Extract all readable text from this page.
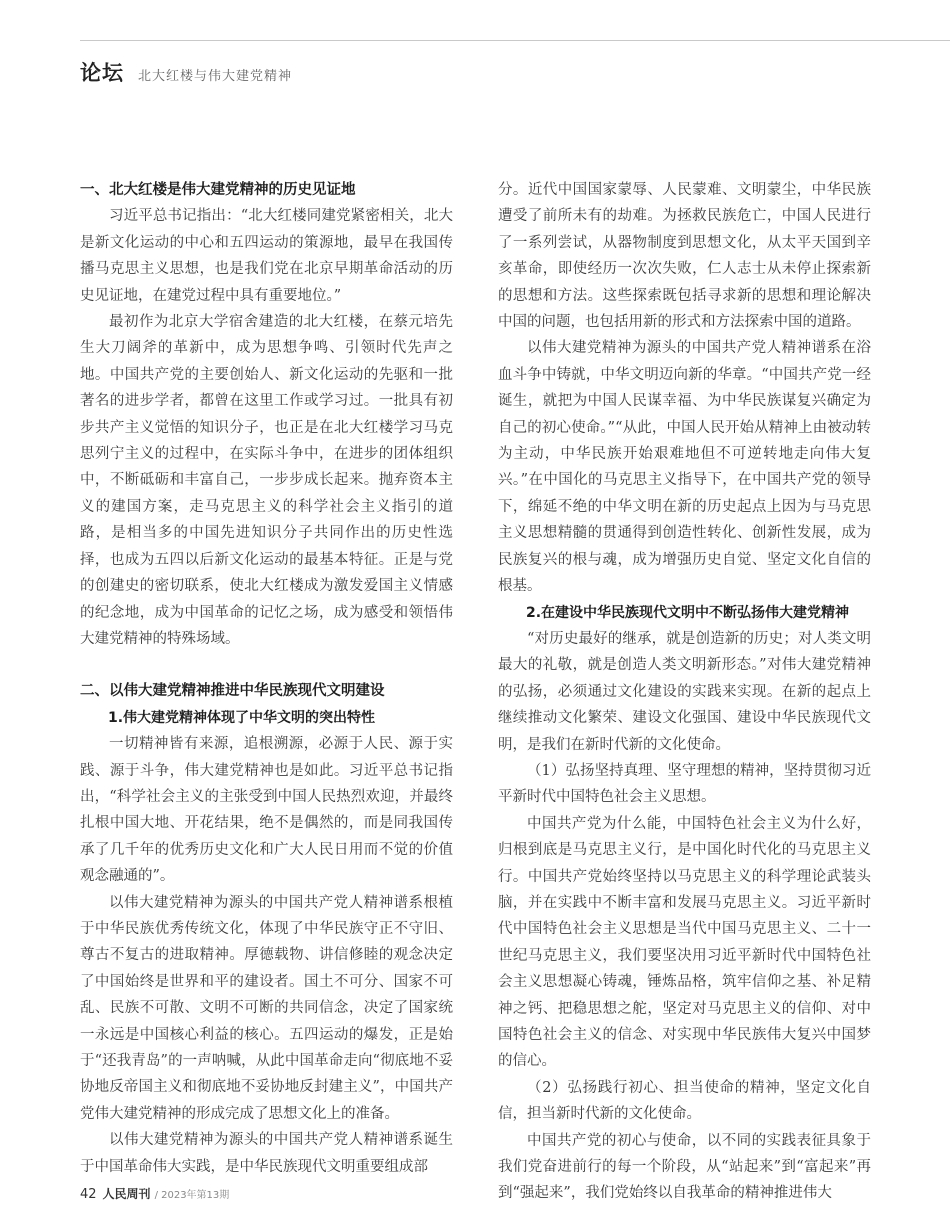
论坛 北大红楼与伟大建党精神

一、北大红楼是伟大建党精神的历史见证地

习近平总书记指出：“北大红楼同建党紧密相关，北大是新文化运动的中心和五四运动的策源地，最早在我国传播马克思主义思想，也是我们党在北京早期革命活动的历史见证地，在建党过程中具有重要地位。”

最初作为北京大学宿舍建造的北大红楼，在蔡元培先生大刀阔斧的革新中，成为思想争鸣、引领时代先声之地。中国共产党的主要创始人、新文化运动的先驱和一批著名的进步学者，都曾在这里工作或学习过。一批具有初步共产主义觉悟的知识分子，也正是在北大红楼学习马克思列宁主义的过程中，在实际斗争中，在进步的团体组织中，不断砥砺和丰富自己，一步步成长起来。抛弃资本主义的建国方案，走马克思主义的科学社会主义指引的道路，是相当多的中国先进知识分子共同作出的历史性选择，也成为五四以后新文化运动的最基本特征。正是与党的创建史的密切联系，使北大红楼成为激发爱国主义情感的纪念地，成为中国革命的记忆之场，成为感受和领悟伟大建党精神的特殊场域。

二、以伟大建党精神推进中华民族现代文明建设

1.伟大建党精神体现了中华文明的突出特性

一切精神皆有来源，追根溯源，必源于人民、源于实践、源于斗争，伟大建党精神也是如此。习近平总书记指出，“科学社会主义的主张受到中国人民热烈欢迎，并最终扎根中国大地、开花结果，绝不是偶然的，而是同我国传承了几千年的优秀历史文化和广大人民日用而不觉的价值观念融通的”。

以伟大建党精神为源头的中国共产党人精神谱系根植于中华民族优秀传统文化，体现了中华民族守正不守旧、尊古不复古的进取精神。厚德载物、讲信修睦的观念决定了中国始终是世界和平的建设者。国土不可分、国家不可乱、民族不可散、文明不可断的共同信念，决定了国家统一永远是中国核心利益的核心。五四运动的爆发，正是始于“还我青岛”的一声呐喊，从此中国革命走向“彻底地不妥协地反帝国主义和彻底地不妥协地反封建主义”，中国共产党伟大建党精神的形成完成了思想文化上的准备。

以伟大建党精神为源头的中国共产党人精神谱系诞生于中国革命伟大实践，是中华民族现代文明重要组成部

分。近代中国国家蒙辱、人民蒙难、文明蒙尘，中华民族遭受了前所未有的劫难。为拯救民族危亡，中国人民进行了一系列尝试，从器物制度到思想文化，从太平天国到辛亥革命，即使经历一次次失败，仁人志士从未停止探索新的思想和方法。这些探索既包括寻求新的思想和理论解决中国的问题，也包括用新的形式和方法探索中国的道路。

以伟大建党精神为源头的中国共产党人精神谱系在浴血斗争中铸就，中华文明迈向新的华章。“中国共产党一经诞生，就把为中国人民谋幸福、为中华民族谋复兴确定为自己的初心使命。”“从此，中国人民开始从精神上由被动转为主动，中华民族开始艰难地但不可逆转地走向伟大复兴。”在中国化的马克思主义指导下，在中国共产党的领导下，绵延不绝的中华文明在新的历史起点上因为与马克思主义思想精髓的贯通得到创造性转化、创新性发展，成为民族复兴的根与魂，成为增强历史自觉、坚定文化自信的根基。

2.在建设中华民族现代文明中不断弘扬伟大建党精神

“对历史最好的继承，就是创造新的历史；对人类文明最大的礼敬，就是创造人类文明新形态。”对伟大建党精神的弘扬，必须通过文化建设的实践来实现。在新的起点上继续推动文化繁荣、建设文化强国、建设中华民族现代文明，是我们在新时代新的文化使命。

（1）弘扬坚持真理、坚守理想的精神，坚持贯彻习近平新时代中国特色社会主义思想。

中国共产党为什么能，中国特色社会主义为什么好，归根到底是马克思主义行，是中国化时代化的马克思主义行。中国共产党始终坚持以马克思主义的科学理论武装头脑，并在实践中不断丰富和发展马克思主义。习近平新时代中国特色社会主义思想是当代中国马克思主义、二十一世纪马克思主义，我们要坚决用习近平新时代中国特色社会主义思想凝心铸魂，锤炼品格，筑牢信仰之基、补足精神之钙、把稳思想之舵，坚定对马克思主义的信仰、对中国特色社会主义的信念、对实现中华民族伟大复兴中国梦的信心。

（2）弘扬践行初心、担当使命的精神，坚定文化自信，担当新时代新的文化使命。

中国共产党的初心与使命，以不同的实践表征具象于我们党奋进前行的每一个阶段，从“站起来”到“富起来”再到“强起来”，我们党始终以自我革命的精神推进伟大

42 人民周刊 / 2023年第13期
